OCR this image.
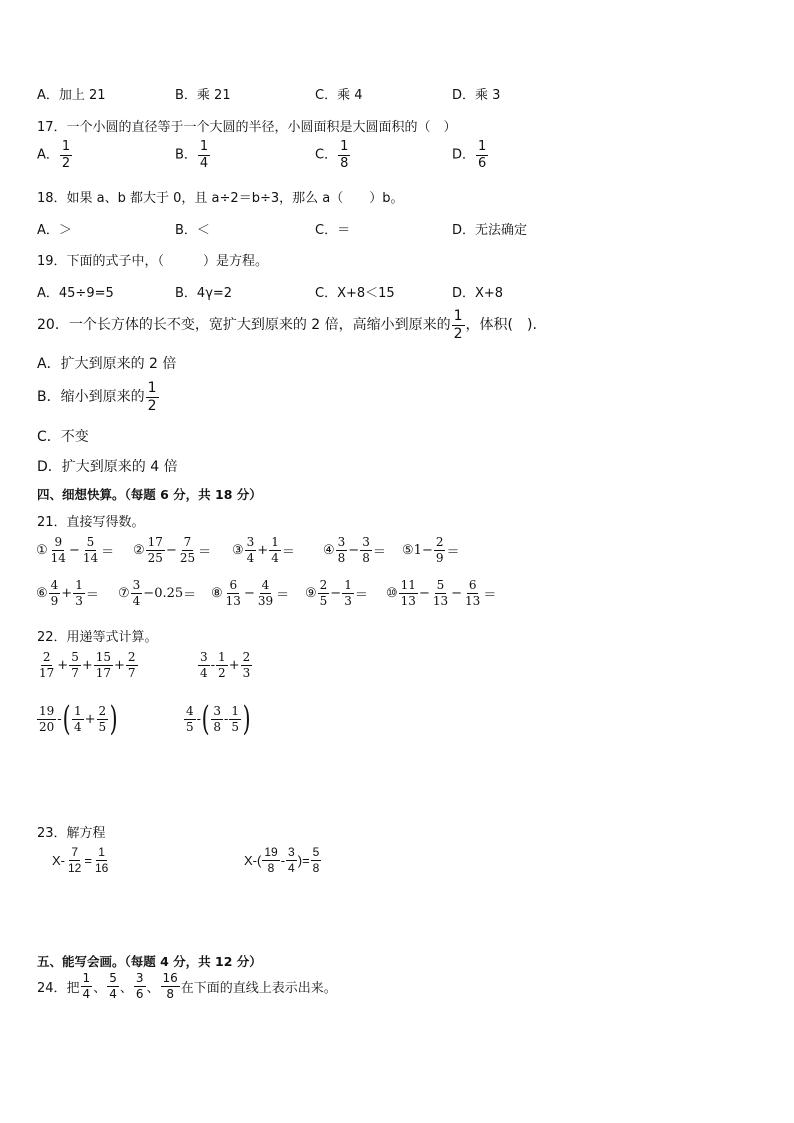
A．加上 21	B．乘 21	C．乘 4	D．乘 3
17．一个小圆的直径等于一个大圆的半径，小圆面积是大圆面积的（　）
A． $\frac{1}{2}$	B． $\frac{1}{4}$	C． $\frac{1}{8}$	D． $\frac{1}{6}$
18．如果 a、b 都大于 0，且 a÷2＝b÷3，那么 a（　　）b。
A．＞	B．＜	C．＝	D．无法确定
19．下面的式子中，（　　　）是方程。
A．45÷9=5	B．4γ=2	C．X+8＜15	D．X+8
20．一个长方体的长不变，宽扩大到原来的 2 倍，高缩小到原来的 $\frac{1}{2}$ ，体积(　).
A．扩大到原来的 2 倍
B．缩小到原来的 $\frac{1}{2}$
C．不变
D．扩大到原来的 4 倍
四、细想快算。（每题 6 分，共 18 分）
21．直接写得数。
① $\frac{9}{14} - \frac{5}{14}$ ＝ ② $\frac{17}{25} - \frac{7}{25}$ ＝ ③ $\frac{3}{4} + \frac{1}{4}$ ＝ ④ $\frac{3}{8} - \frac{3}{8}$ ＝ ⑤ $1 - \frac{2}{9}$ ＝
⑥ $\frac{4}{9} + \frac{1}{3}$ ＝ ⑦ $\frac{3}{4} - 0.25$ ＝ ⑧ $\frac{6}{13} - \frac{4}{39}$ ＝ ⑨ $\frac{2}{5} - \frac{1}{3}$ ＝ ⑩ $\frac{11}{13} - \frac{5}{13} - \frac{6}{13}$ ＝
22．用递等式计算。
$\frac{2}{17} + \frac{5}{7} + \frac{15}{17} + \frac{2}{7}$	$\frac{3}{4} - \frac{1}{2} + \frac{2}{3}$
$\frac{19}{20}$ - ( $\frac{1}{4} + \frac{2}{5}$ )	$\frac{4}{5}$ - ( $\frac{3}{8} - \frac{1}{5}$ )
23．解方程
$X- \frac{7}{12} = \frac{1}{16}$	$X-( \frac{19}{8} - \frac{3}{4}$ )= $\frac{5}{8}$
五、能写会画。（每题 4 分，共 12 分）
24．把 $\frac{1}{4}$ 、 $\frac{5}{4}$ 、 $\frac{3}{6}$ 、 $\frac{16}{8}$ 在下面的直线上表示出来。
